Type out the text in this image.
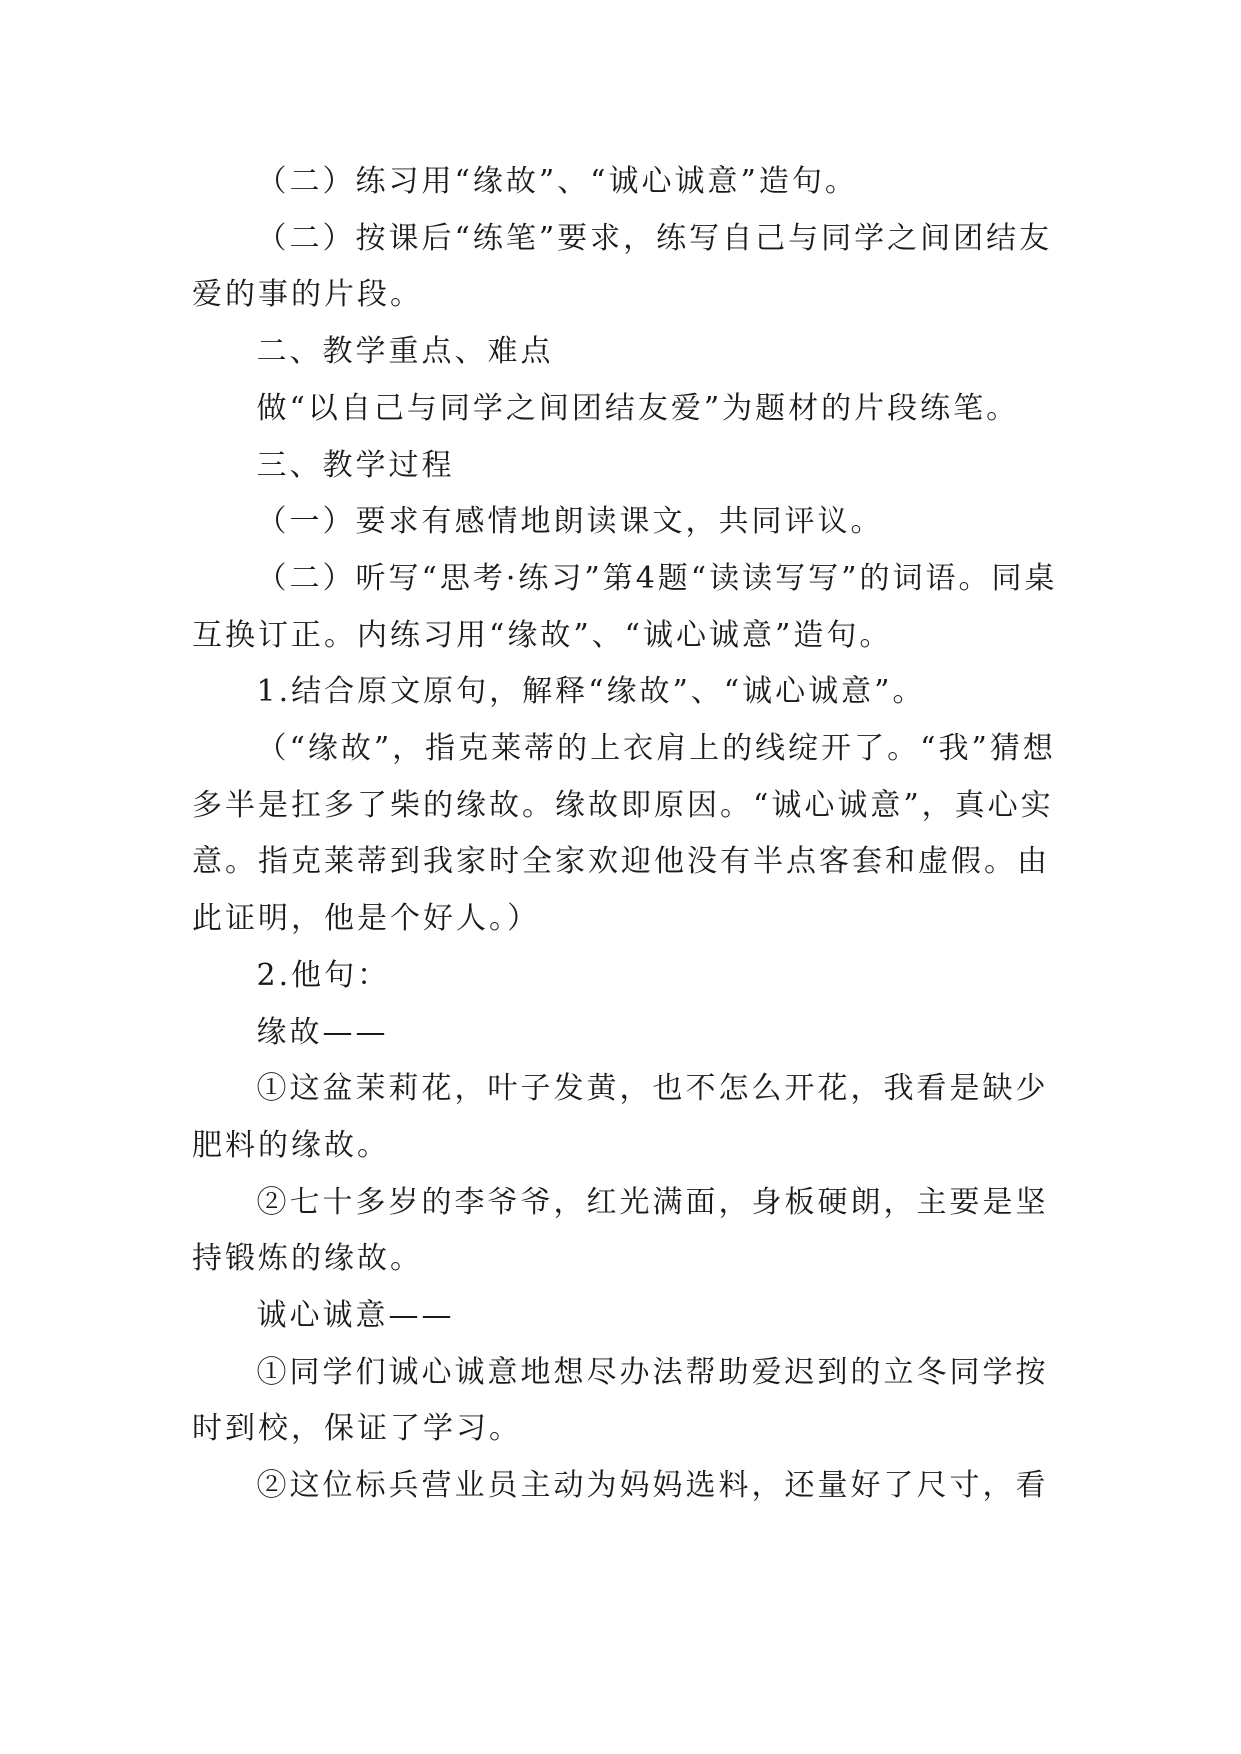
（二）练习用“缘故”、“诚心诚意”造句。

（二）按课后“练笔”要求，练写自己与同学之间团结友爱的事的片段。

二、教学重点、难点

做“以自己与同学之间团结友爱”为题材的片段练笔。

三、教学过程

（一）要求有感情地朗读课文，共同评议。

（二）听写“思考·练习”第4题“读读写写”的词语。同桌互换订正。内练习用“缘故”、“诚心诚意”造句。

1.结合原文原句，解释“缘故”、“诚心诚意”。

（“缘故”，指克莱蒂的上衣肩上的线绽开了。“我”猜想多半是扛多了柴的缘故。缘故即原因。“诚心诚意”，真心实意。指克莱蒂到我家时全家欢迎他没有半点客套和虚假。由此证明，他是个好人。）

2.他句：

缘故——

①这盆茉莉花，叶子发黄，也不怎么开花，我看是缺少肥料的缘故。

②七十多岁的李爷爷，红光满面，身板硬朗，主要是坚持锻炼的缘故。

诚心诚意——

①同学们诚心诚意地想尽办法帮助爱迟到的立冬同学按时到校，保证了学习。

②这位标兵营业员主动为妈妈选料，还量好了尺寸，看
